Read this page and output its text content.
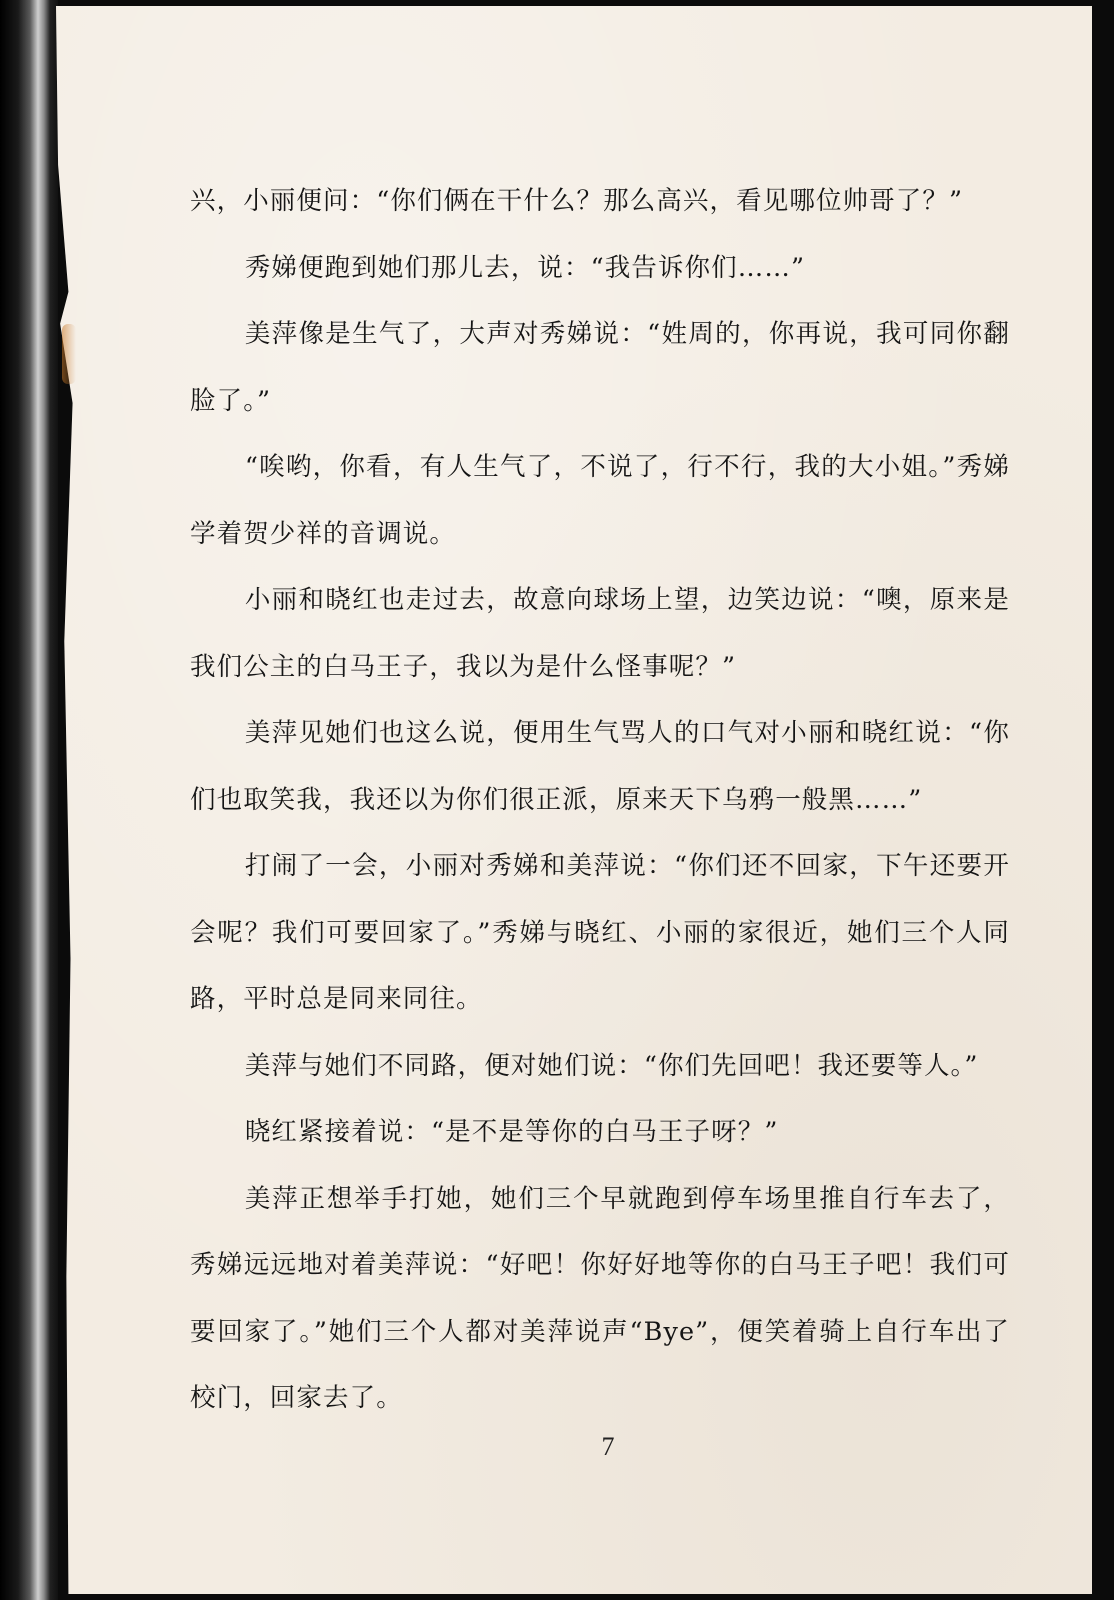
兴，小丽便问：“你们俩在干什么？那么高兴，看见哪位帅哥了？”

秀娣便跑到她们那儿去，说：“我告诉你们……”

美萍像是生气了，大声对秀娣说：“姓周的，你再说，我可同你翻脸了。”

“唉哟，你看，有人生气了，不说了，行不行，我的大小姐。”秀娣学着贺少祥的音调说。

小丽和晓红也走过去，故意向球场上望，边笑边说：“噢，原来是我们公主的白马王子，我以为是什么怪事呢？”

美萍见她们也这么说，便用生气骂人的口气对小丽和晓红说：“你们也取笑我，我还以为你们很正派，原来天下乌鸦一般黑……”

打闹了一会，小丽对秀娣和美萍说：“你们还不回家，下午还要开会呢？我们可要回家了。”秀娣与晓红、小丽的家很近，她们三个人同路，平时总是同来同往。

美萍与她们不同路，便对她们说：“你们先回吧！我还要等人。”

晓红紧接着说：“是不是等你的白马王子呀？”

美萍正想举手打她，她们三个早就跑到停车场里推自行车去了，秀娣远远地对着美萍说：“好吧！你好好地等你的白马王子吧！我们可要回家了。”她们三个人都对美萍说声“Bye”，便笑着骑上自行车出了校门，回家去了。

7
